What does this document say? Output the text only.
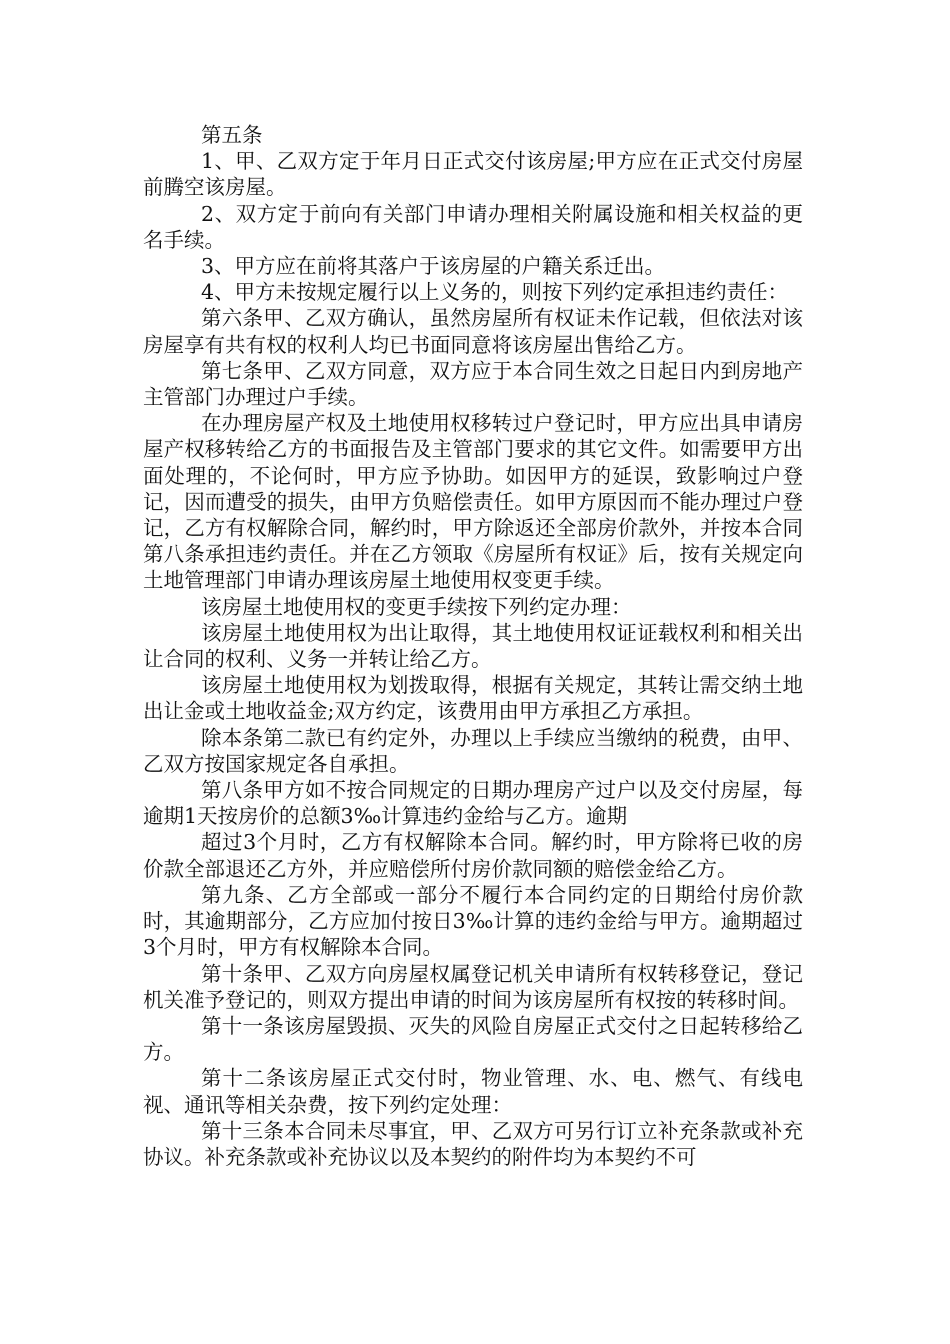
第五条

1、甲、乙双方定于年月日正式交付该房屋;甲方应在正式交付房屋前腾空该房屋。

2、双方定于前向有关部门申请办理相关附属设施和相关权益的更名手续。

3、甲方应在前将其落户于该房屋的户籍关系迁出。

4、甲方未按规定履行以上义务的，则按下列约定承担违约责任：

第六条甲、乙双方确认，虽然房屋所有权证未作记载，但依法对该房屋享有共有权的权利人均已书面同意将该房屋出售给乙方。

第七条甲、乙双方同意，双方应于本合同生效之日起日内到房地产主管部门办理过户手续。

在办理房屋产权及土地使用权移转过户登记时，甲方应出具申请房屋产权移转给乙方的书面报告及主管部门要求的其它文件。如需要甲方出面处理的，不论何时，甲方应予协助。如因甲方的延误，致影响过户登记，因而遭受的损失，由甲方负赔偿责任。如甲方原因而不能办理过户登记，乙方有权解除合同，解约时，甲方除返还全部房价款外，并按本合同第八条承担违约责任。并在乙方领取《房屋所有权证》后，按有关规定向土地管理部门申请办理该房屋土地使用权变更手续。

该房屋土地使用权的变更手续按下列约定办理：

该房屋土地使用权为出让取得，其土地使用权证证载权利和相关出让合同的权利、义务一并转让给乙方。

该房屋土地使用权为划拨取得，根据有关规定，其转让需交纳土地出让金或土地收益金;双方约定，该费用由甲方承担乙方承担。

除本条第二款已有约定外，办理以上手续应当缴纳的税费，由甲、乙双方按国家规定各自承担。

第八条甲方如不按合同规定的日期办理房产过户以及交付房屋，每逾期1天按房价的总额3‰计算违约金给与乙方。逾期

超过3个月时，乙方有权解除本合同。解约时，甲方除将已收的房价款全部退还乙方外，并应赔偿所付房价款同额的赔偿金给乙方。

第九条、乙方全部或一部分不履行本合同约定的日期给付房价款时，其逾期部分，乙方应加付按日3‰计算的违约金给与甲方。逾期超过3个月时，甲方有权解除本合同。

第十条甲、乙双方向房屋权属登记机关申请所有权转移登记，登记机关准予登记的，则双方提出申请的时间为该房屋所有权按的转移时间。

第十一条该房屋毁损、灭失的风险自房屋正式交付之日起转移给乙方。

第十二条该房屋正式交付时，物业管理、水、电、燃气、有线电视、通讯等相关杂费，按下列约定处理：

第十三条本合同未尽事宜，甲、乙双方可另行订立补充条款或补充协议。补充条款或补充协议以及本契约的附件均为本契约不可
